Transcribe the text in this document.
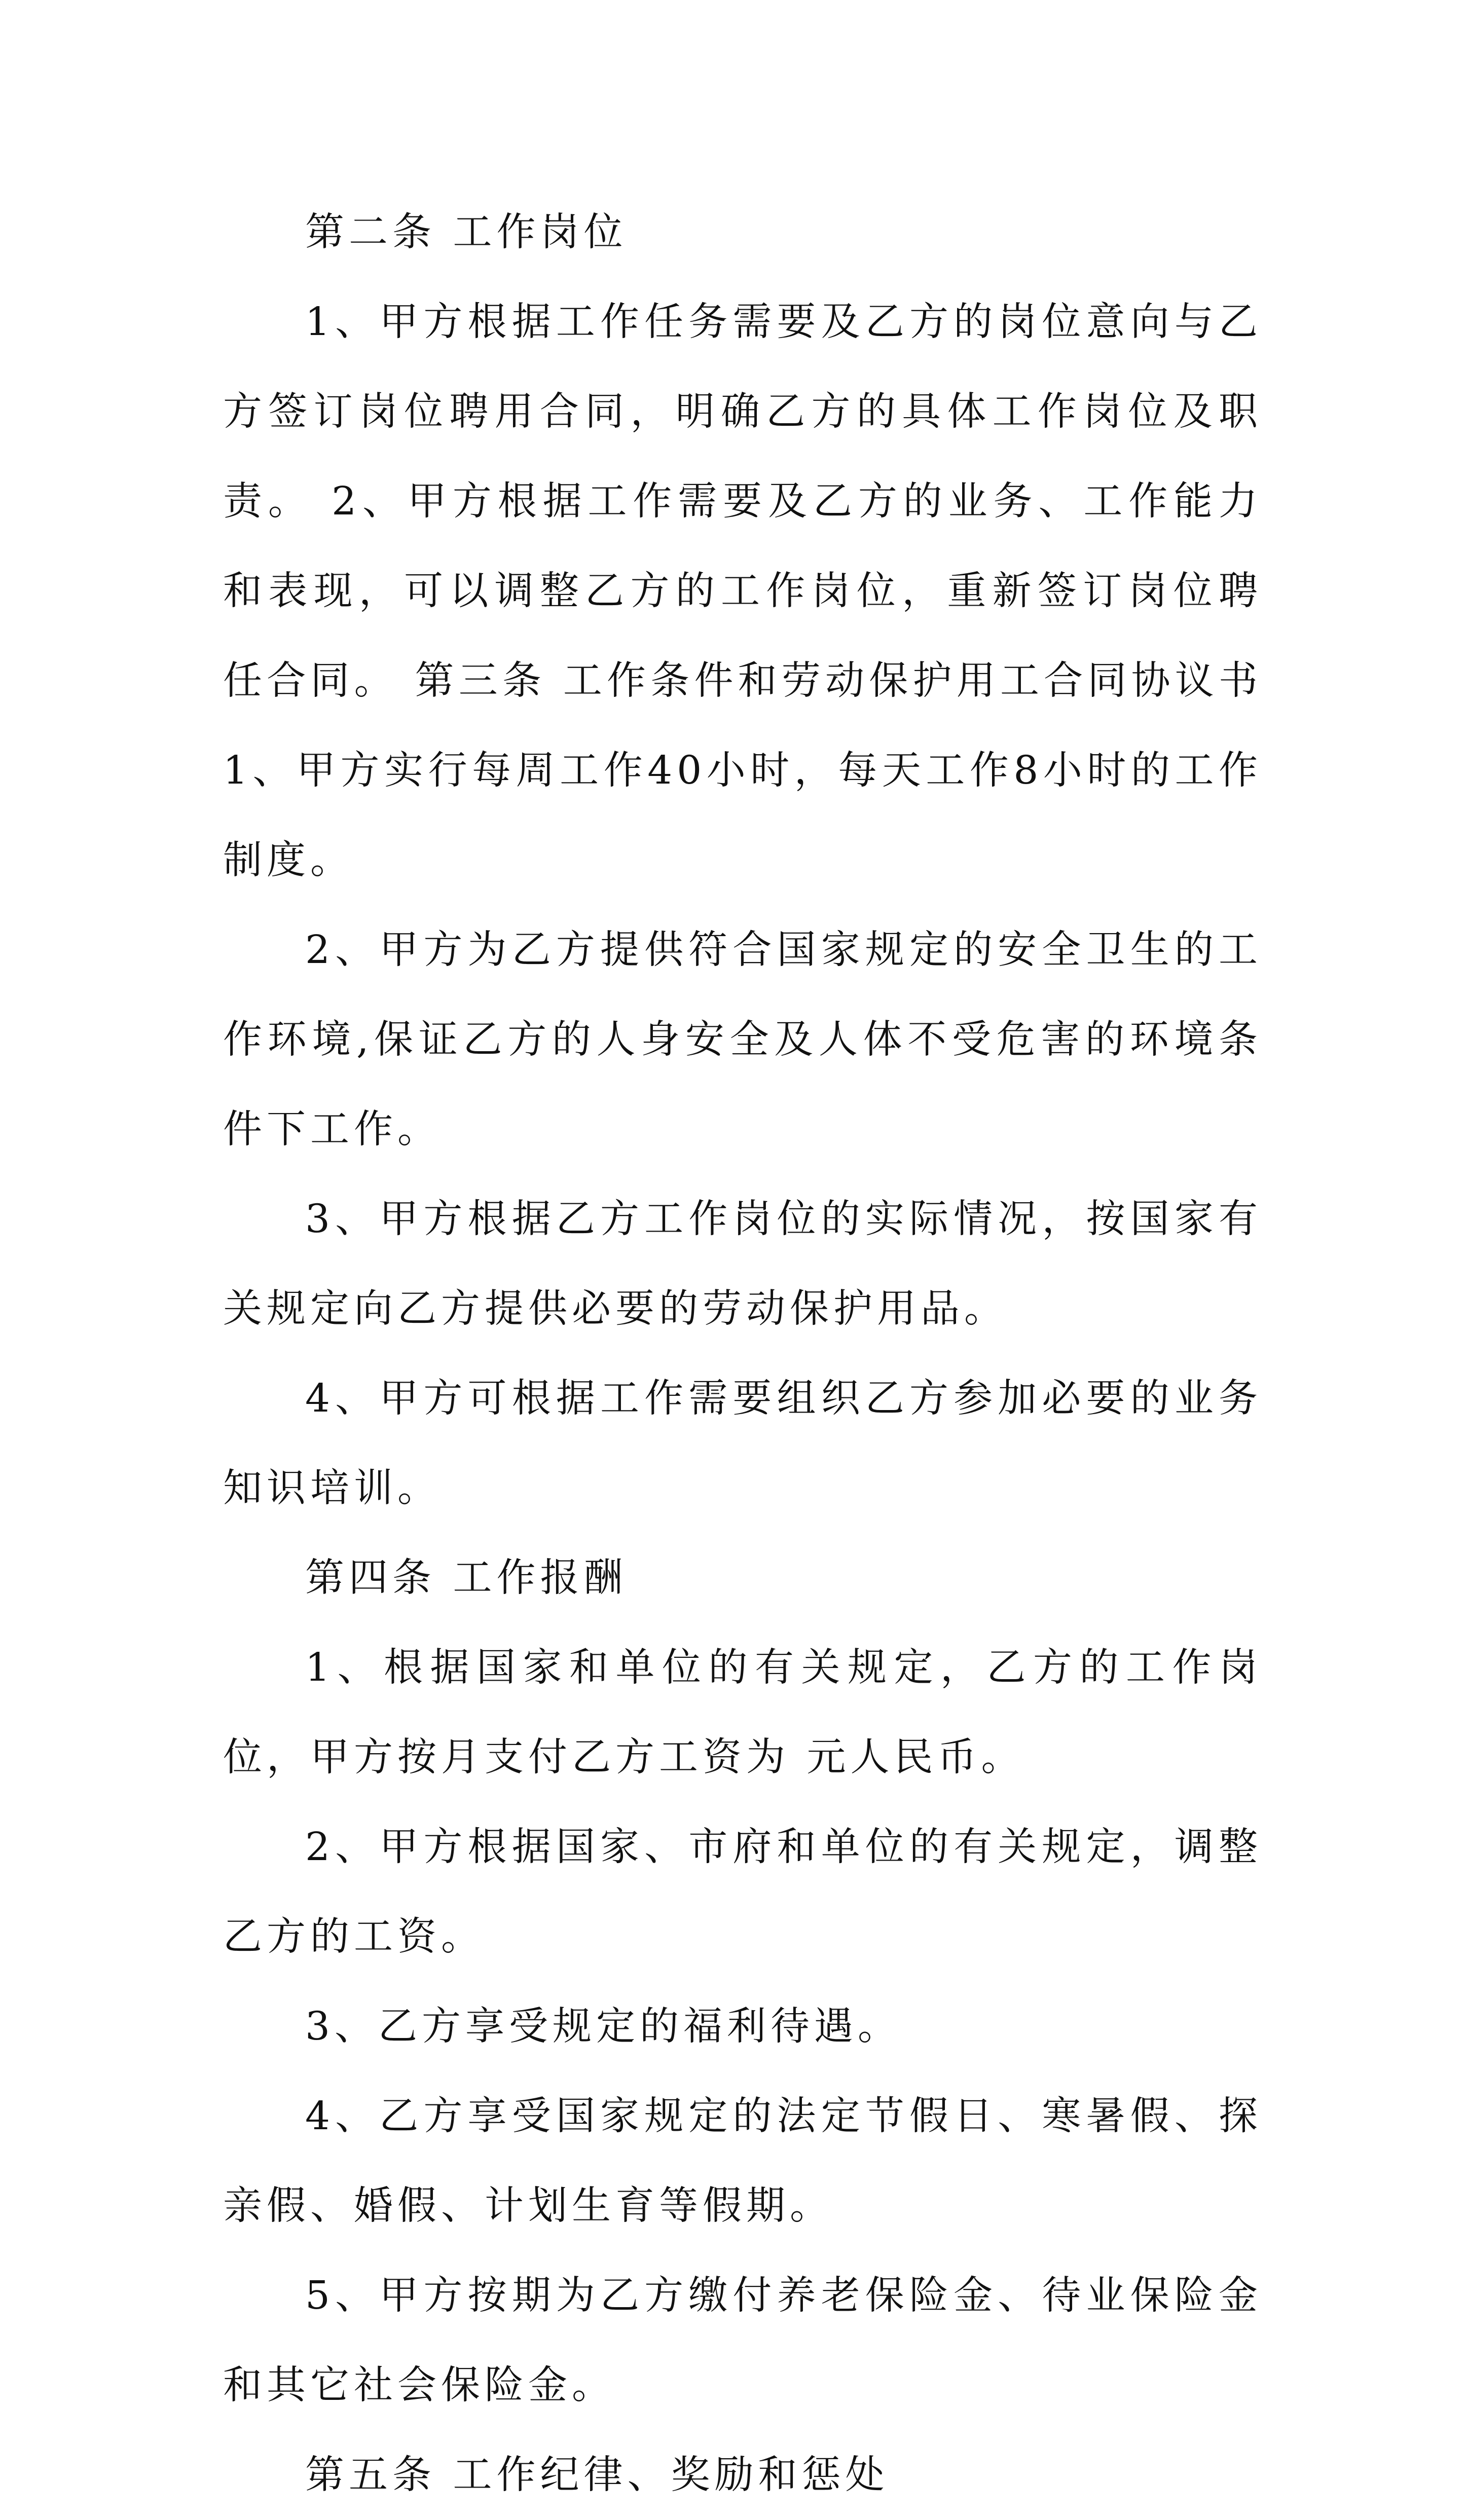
第二条 工作岗位

1、甲方根据工作任务需要及乙方的岗位意向与乙方签订岗位聘用合同，明确乙方的具体工作岗位及职责。 2、甲方根据工作需要及乙方的业务、工作能力和表现，可以调整乙方的工作岗位，重新签订岗位聘任合同。 第三条 工作条件和劳动保护用工合同协议书1、甲方实行每周工作40小时，每天工作8小时的工作制度。

2、甲方为乙方提供符合国家规定的安全卫生的工作环境,保证乙方的人身安全及人体不受危害的环境条件下工作。

3、甲方根据乙方工作岗位的实际情况，按国家有关规定向乙方提供必要的劳动保护用品。

4、甲方可根据工作需要组织乙方参加必要的业务知识培训。

第四条 工作报酬

1、根据国家和单位的有关规定，乙方的工作岗位，甲方按月支付乙方工资为 元人民币。

2、甲方根据国家、市府和单位的有关规定，调整乙方的工资。

3、乙方享受规定的福利待遇。

4、乙方享受国家规定的法定节假日、寒暑假、探亲假、婚假、计划生育等假期。

5、甲方按期为乙方缴付养老保险金、待业保险金和其它社会保险金。

第五条 工作纪律、奖励和惩处
